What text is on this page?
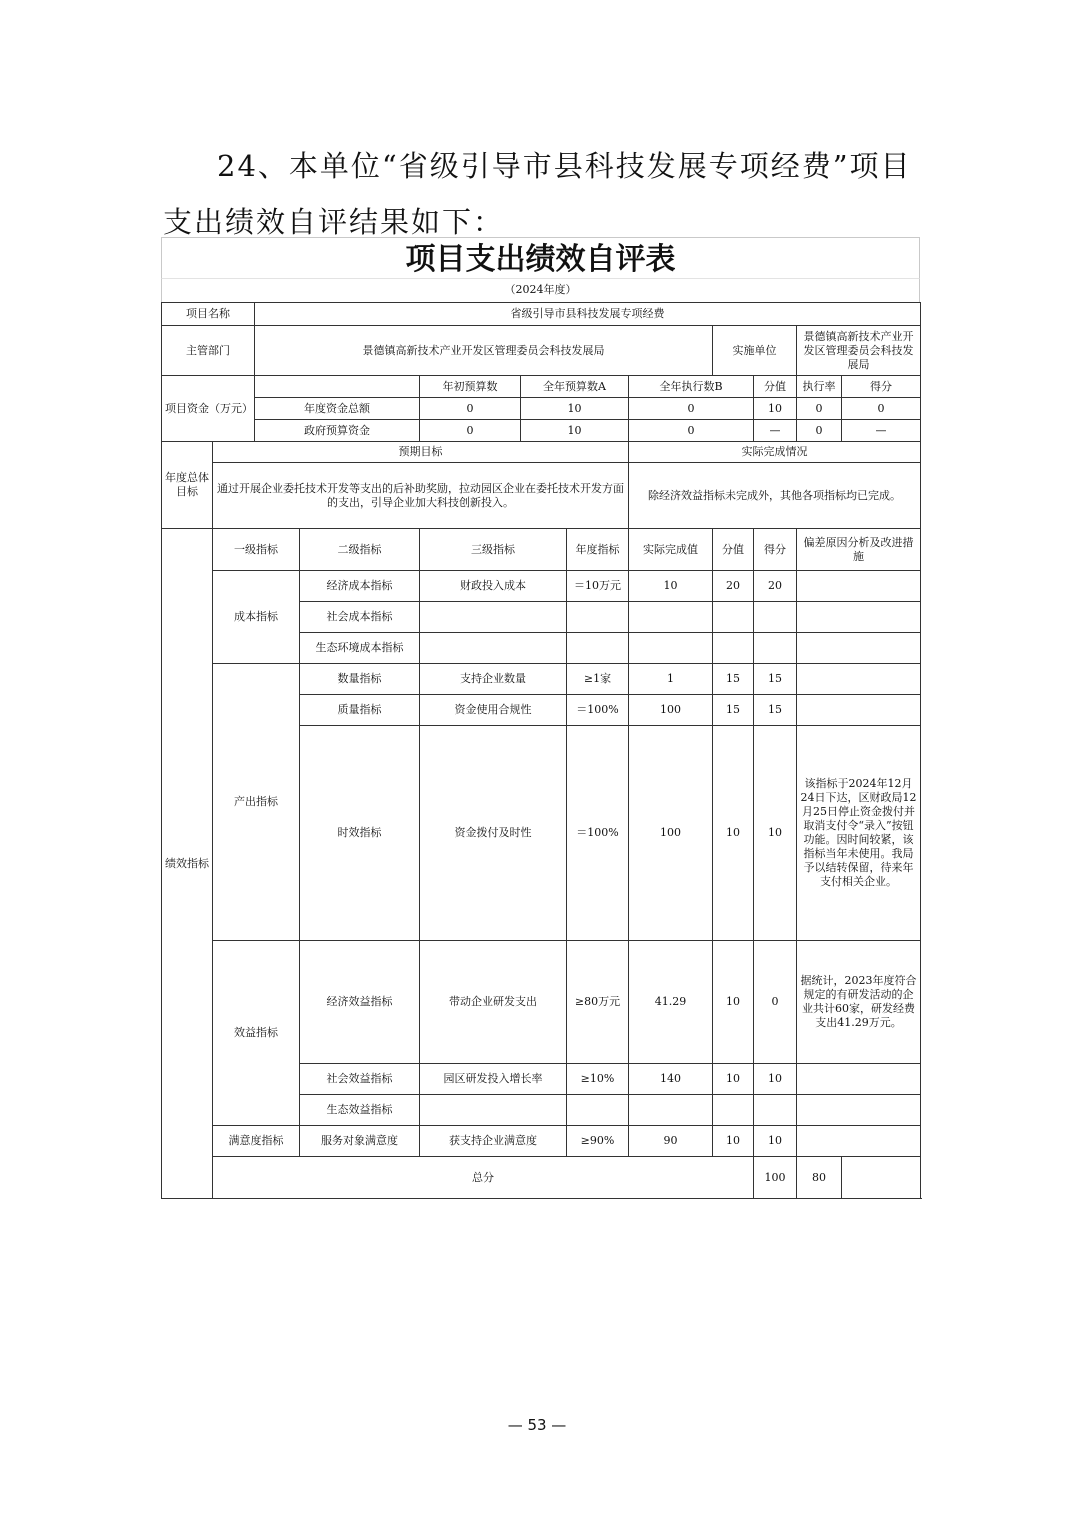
24、本单位“省级引导市县科技发展专项经费”项目支出绩效自评结果如下：
项目支出绩效自评表
（2024年度）
项目名称		省级引导市县科技发展专项经费									
主管部门		景德镇高新技术产业开发区管理委员会科技发展局						实施单位		景德镇高新技术产业开发区管理委员会科技发展局	
项目资金（万元）				年初预算数	全年预算数A		全年执行数B		分值	执行率	得分
		年度资金总额		0	10		0		10	0	0
		政府预算资金		0	10		0		—	0	—
年度总体目标	预期目标						实际完成情况				
	通过开展企业委托技术开发等支出的后补助奖励，拉动园区企业在委托技术开发方面的支出，引导企业加大科技创新投入。						除经济效益指标未完成外，其他各项指标均已完成。				
绩效指标	一级指标		二级指标	三级指标		年度指标	实际完成值	分值	得分	偏差原因分析及改进措施	
	成本指标		经济成本指标	财政投入成本		＝10万元	10	20	20		
			社会成本指标								
			生态环境成本指标								
	产出指标		数量指标	支持企业数量		≥1家	1	15	15		
			质量指标	资金使用合规性		＝100%	100	15	15		
			时效指标	资金拨付及时性		＝100%	100	10	10	该指标于2024年12月24日下达，区财政局12月25日停止资金拨付并取消支付令“录入”按钮功能。因时间较紧，该指标当年未使用。我局予以结转保留，待来年支付相关企业。	
	效益指标		经济效益指标	带动企业研发支出		≥80万元	41.29	10	0	据统计，2023年度符合规定的有研发活动的企业共计60家，研发经费支出41.29万元。	
			社会效益指标	园区研发投入增长率		≥10%	140	10	10		
			生态效益指标								
	满意度指标		服务对象满意度	获支持企业满意度		≥90%	90	10	10		
	总分								100	80	
— 53 —
